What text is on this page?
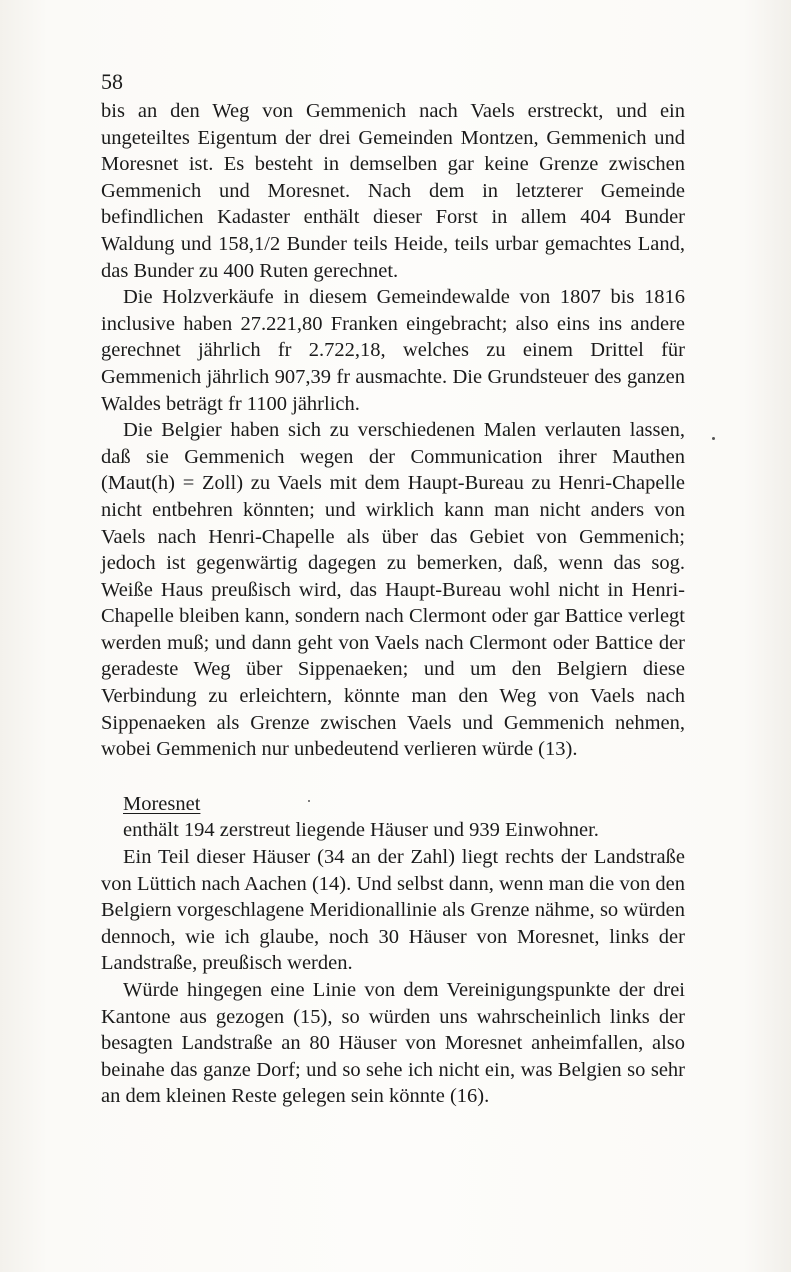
58

bis an den Weg von Gemmenich nach Vaels erstreckt, und ein ungeteiltes Eigentum der drei Gemeinden Montzen, Gemmenich und Moresnet ist. Es besteht in demselben gar keine Grenze zwischen Gemmenich und Moresnet. Nach dem in letzterer Gemeinde befindlichen Kadaster enthält dieser Forst in allem 404 Bunder Waldung und 158,1/2 Bunder teils Heide, teils urbar gemachtes Land, das Bunder zu 400 Ruten gerechnet.

Die Holzverkäufe in diesem Gemeindewalde von 1807 bis 1816 inclusive haben 27.221,80 Franken eingebracht; also eins ins andere gerechnet jährlich fr 2.722,18, welches zu einem Drittel für Gemmenich jährlich 907,39 fr ausmachte. Die Grundsteuer des ganzen Waldes beträgt fr 1100 jährlich.

Die Belgier haben sich zu verschiedenen Malen verlauten lassen, daß sie Gemmenich wegen der Communication ihrer Mauthen (Maut(h) = Zoll) zu Vaels mit dem Haupt-Bureau zu Henri-Chapelle nicht entbehren könnten; und wirklich kann man nicht anders von Vaels nach Henri-Chapelle als über das Gebiet von Gemmenich; jedoch ist gegenwärtig dagegen zu bemerken, daß, wenn das sog. Weiße Haus preußisch wird, das Haupt-Bureau wohl nicht in Henri-Chapelle bleiben kann, sondern nach Clermont oder gar Battice verlegt werden muß; und dann geht von Vaels nach Clermont oder Battice der geradeste Weg über Sippenaeken; und um den Belgiern diese Verbindung zu erleichtern, könnte man den Weg von Vaels nach Sippenaeken als Grenze zwischen Vaels und Gemmenich nehmen, wobei Gemmenich nur unbedeutend verlieren würde (13).

Moresnet

enthält 194 zerstreut liegende Häuser und 939 Einwohner.

Ein Teil dieser Häuser (34 an der Zahl) liegt rechts der Landstraße von Lüttich nach Aachen (14). Und selbst dann, wenn man die von den Belgiern vorgeschlagene Meridionallinie als Grenze nähme, so würden dennoch, wie ich glaube, noch 30 Häuser von Moresnet, links der Landstraße, preußisch werden.

Würde hingegen eine Linie von dem Vereinigungspunkte der drei Kantone aus gezogen (15), so würden uns wahrscheinlich links der besagten Landstraße an 80 Häuser von Moresnet anheimfallen, also beinahe das ganze Dorf; und so sehe ich nicht ein, was Belgien so sehr an dem kleinen Reste gelegen sein könnte (16).
